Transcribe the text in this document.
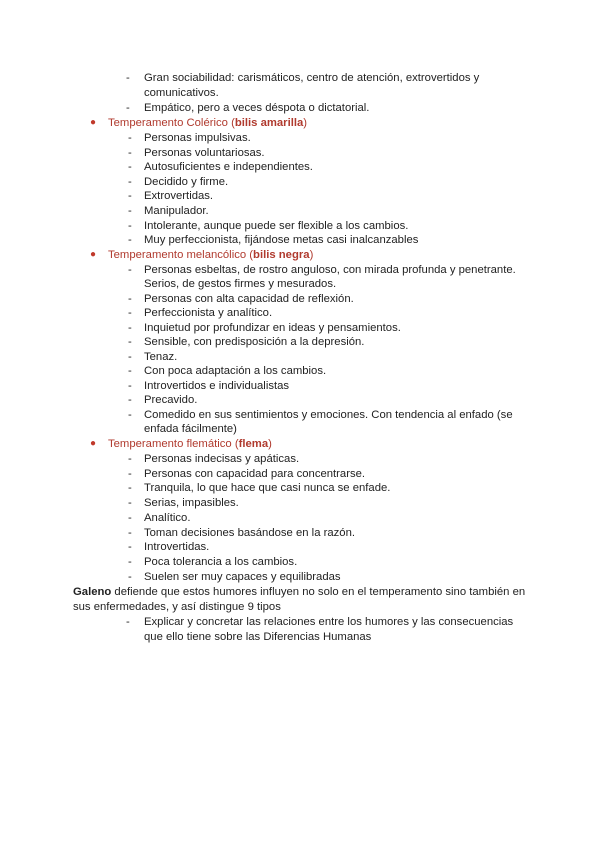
- Gran sociabilidad: carismáticos, centro de atención, extrovertidos y
comunicativos.
- Empático, pero a veces déspota o dictatorial.
● Temperamento Colérico (bilis amarilla)
- Personas impulsivas.
- Personas voluntariosas.
- Autosuficientes e independientes.
- Decidido y firme.
- Extrovertidas.
- Manipulador.
- Intolerante, aunque puede ser flexible a los cambios.
- Muy perfeccionista, fijándose metas casi inalcanzables
● Temperamento melancólico (bilis negra)
- Personas esbeltas, de rostro anguloso, con mirada profunda y penetrante.
Serios, de gestos firmes y mesurados.
- Personas con alta capacidad de reflexión.
- Perfeccionista y analítico.
- Inquietud por profundizar en ideas y pensamientos.
- Sensible, con predisposición a la depresión.
- Tenaz.
- Con poca adaptación a los cambios.
- Introvertidos e individualistas
- Precavido.
- Comedido en sus sentimientos y emociones. Con tendencia al enfado (se
enfada fácilmente)
● Temperamento flemático (flema)
- Personas indecisas y apáticas.
- Personas con capacidad para concentrarse.
- Tranquila, lo que hace que casi nunca se enfade.
- Serias, impasibles.
- Analítico.
- Toman decisiones basándose en la razón.
- Introvertidas.
- Poca tolerancia a los cambios.
- Suelen ser muy capaces y equilibradas
Galeno defiende que estos humores influyen no solo en el temperamento sino también en
sus enfermedades, y así distingue 9 tipos
- Explicar y concretar las relaciones entre los humores y las consecuencias
que ello tiene sobre las Diferencias Humanas
